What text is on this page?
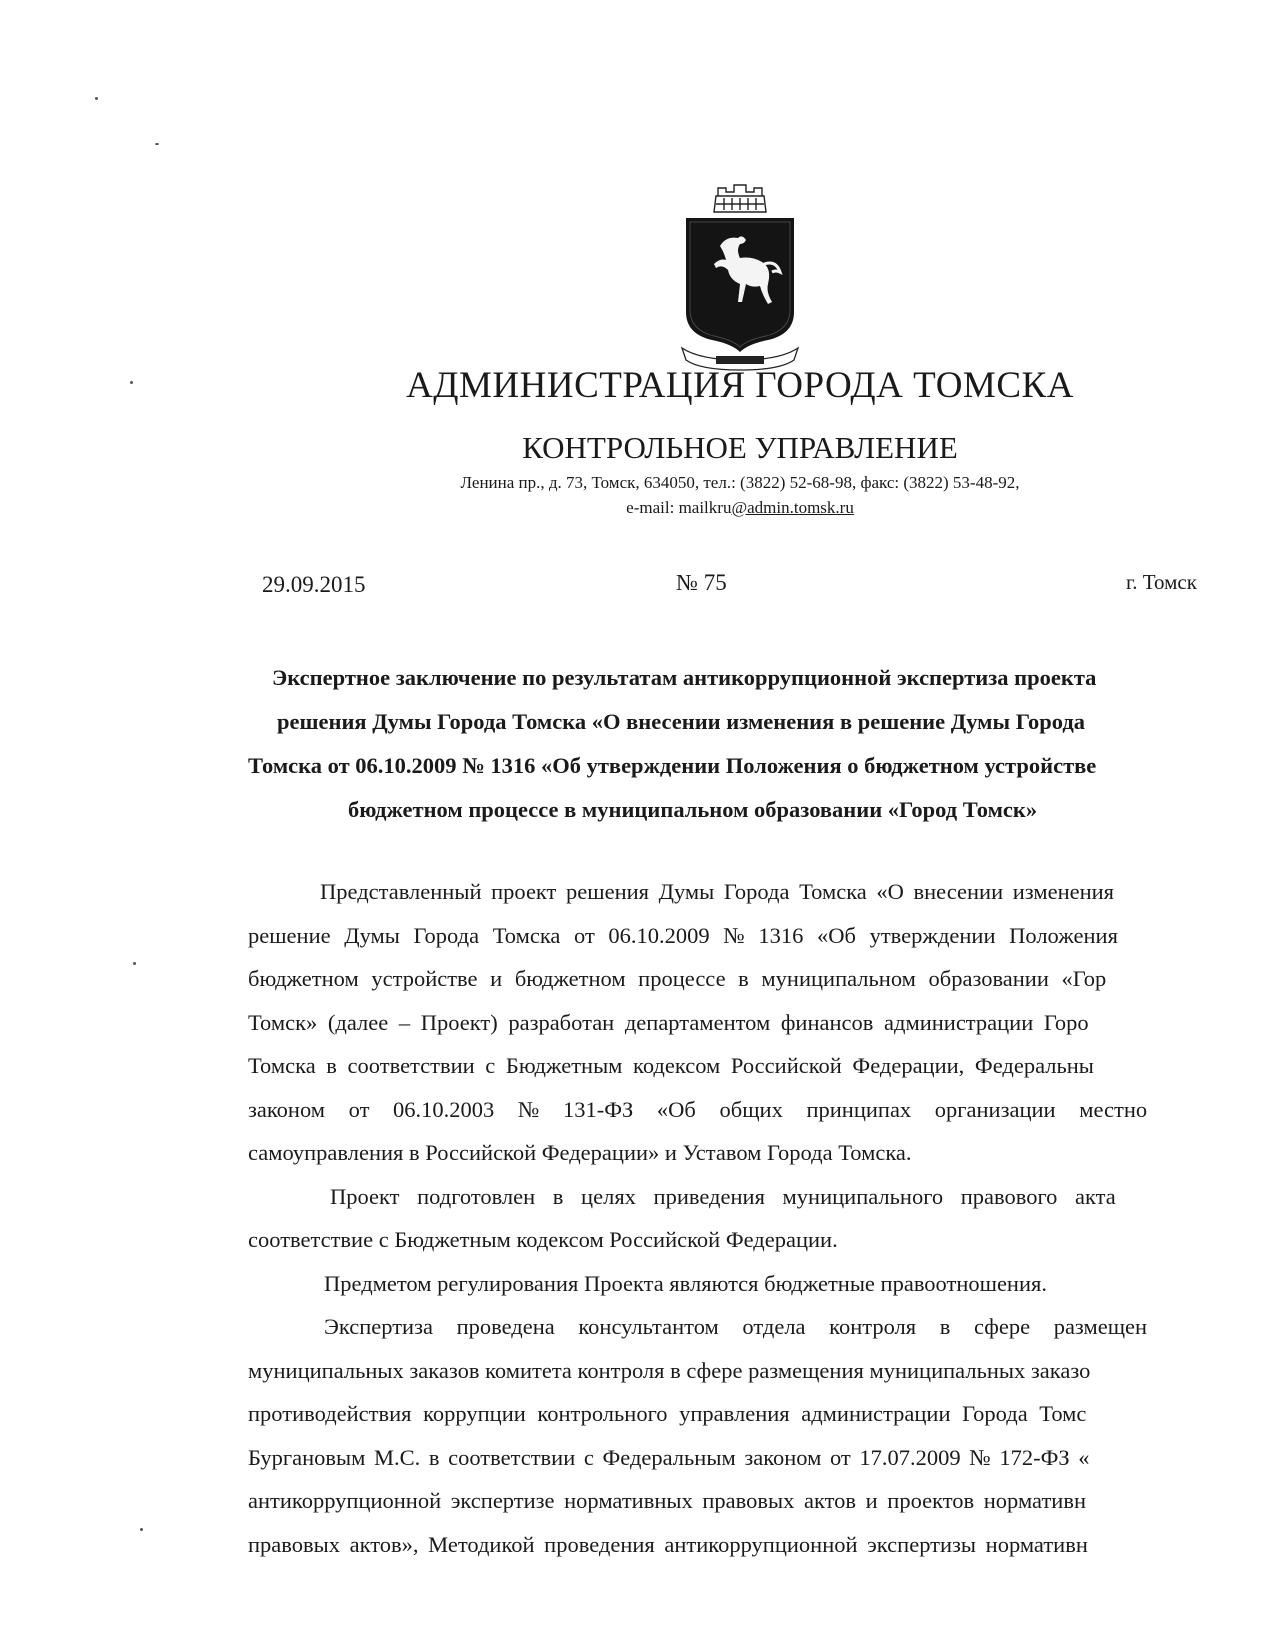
АДМИНИСТРАЦИЯ ГОРОДА ТОМСКА
КОНТРОЛЬНОЕ УПРАВЛЕНИЕ
Ленина пр., д. 73, Томск, 634050, тел.: (3822) 52-68-98, факс: (3822) 53-48-92,
e-mail: mailkru@admin.tomsk.ru
29.09.2015	№ 75	г. Томск
Экспертное заключение по результатам антикоррупционной экспертиза проекта
решения Думы Города Томска «О внесении изменения в решение Думы Города
Томска от 06.10.2009 № 1316 «Об утверждении Положения о бюджетном устройстве
бюджетном процессе в муниципальном образовании «Город Томск»
Представленный проект решения Думы Города Томска «О внесении изменения
решение Думы Города Томска от 06.10.2009 № 1316 «Об утверждении Положения
бюджетном устройстве и бюджетном процессе в муниципальном образовании «Гор
Томск» (далее – Проект) разработан департаментом финансов администрации Горо
Томска в соответствии с Бюджетным кодексом Российской Федерации, Федеральны
законом от 06.10.2003 № 131-ФЗ «Об общих принципах организации местно
самоуправления в Российской Федерации» и Уставом Города Томска.
Проект подготовлен в целях приведения муниципального правового акта
соответствие с Бюджетным кодексом Российской Федерации.
Предметом регулирования Проекта являются бюджетные правоотношения.
Экспертиза проведена консультантом отдела контроля в сфере размещен
муниципальных заказов комитета контроля в сфере размещения муниципальных заказо
противодействия коррупции контрольного управления администрации Города Томс
Бургановым М.С. в соответствии с Федеральным законом от 17.07.2009 № 172-ФЗ «
антикоррупционной экспертизе нормативных правовых актов и проектов нормативн
правовых актов», Методикой проведения антикоррупционной экспертизы нормативн
